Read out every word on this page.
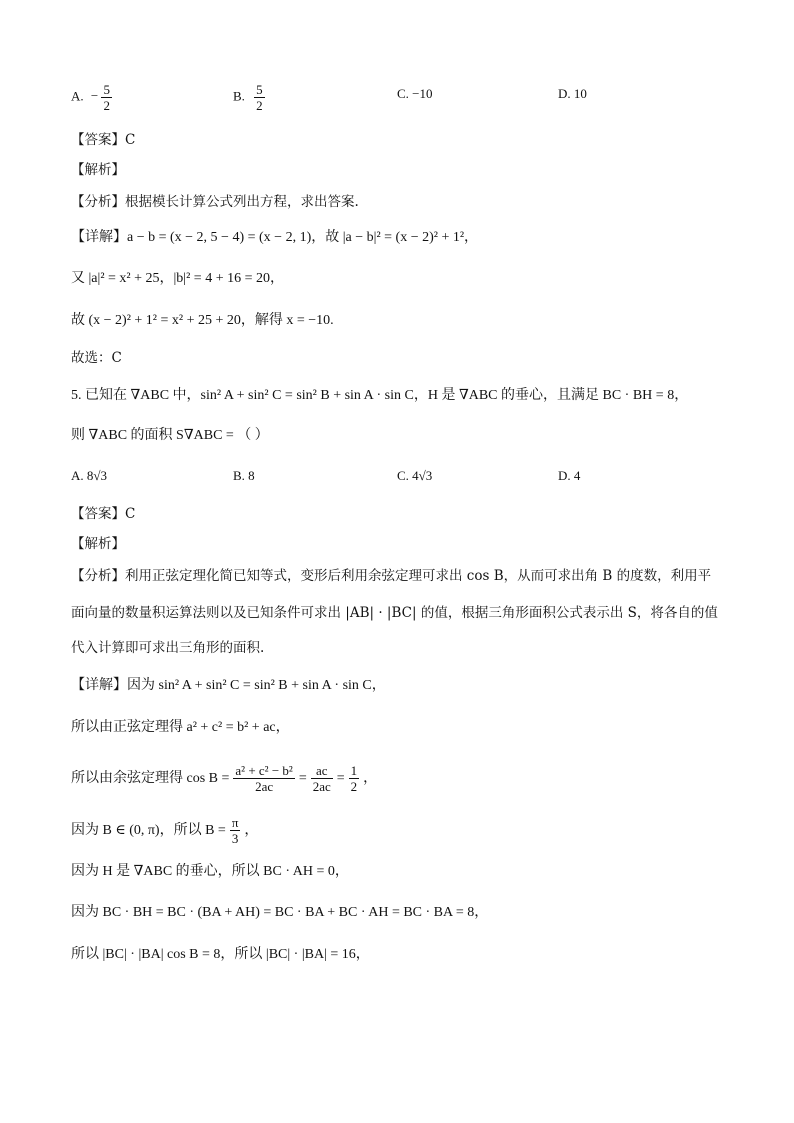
A. − $\frac{5}{2}$	B. $\frac{5}{2}$	C. −10	D. 10
【答案】C
【解析】
【分析】根据模长计算公式列出方程，求出答案.
【详解】a − b = (x − 2, 5 − 4) = (x − 2, 1)，故 |a − b|² = (x − 2)² + 1²，
又 |a|² = x² + 25，|b|² = 4 + 16 = 20，
故 (x − 2)² + 1² = x² + 25 + 20，解得 x = −10.
故选：C
5. 已知在 ∇ABC 中，sin² A + sin² C = sin² B + sin A · sin C，H 是 ∇ABC 的垂心，且满足 BC · BH = 8，
则 ∇ABC 的面积 S∇ABC = （ ）
A. 8√3	B. 8	C. 4√3	D. 4
【答案】C
【解析】
【分析】利用正弦定理化简已知等式，变形后利用余弦定理可求出 cos B，从而可求出角 B 的度数，利用平
面向量的数量积运算法则以及已知条件可求出 |AB| · |BC| 的值，根据三角形面积公式表示出 S，将各自的值
代入计算即可求出三角形的面积.
【详解】因为 sin² A + sin² C = sin² B + sin A · sin C，
所以由正弦定理得 a² + c² = b² + ac，
所以由余弦定理得 $\cos B = \frac{\text{a² + c² − b²}}{2ac} = \frac{ac}{2ac} = \frac{1}{2}$ ，
因为 B ∈ (0, π)，所以 $B = \frac{\pi}{3}$ ，
因为 H 是 ∇ABC 的垂心，所以 BC · AH = 0，
因为 BC · BH = BC · (BA + AH) = BC · BA + BC · AH = BC · BA = 8，
所以 |BC| · |BA| cos B = 8，所以 |BC| · |BA| = 16，
